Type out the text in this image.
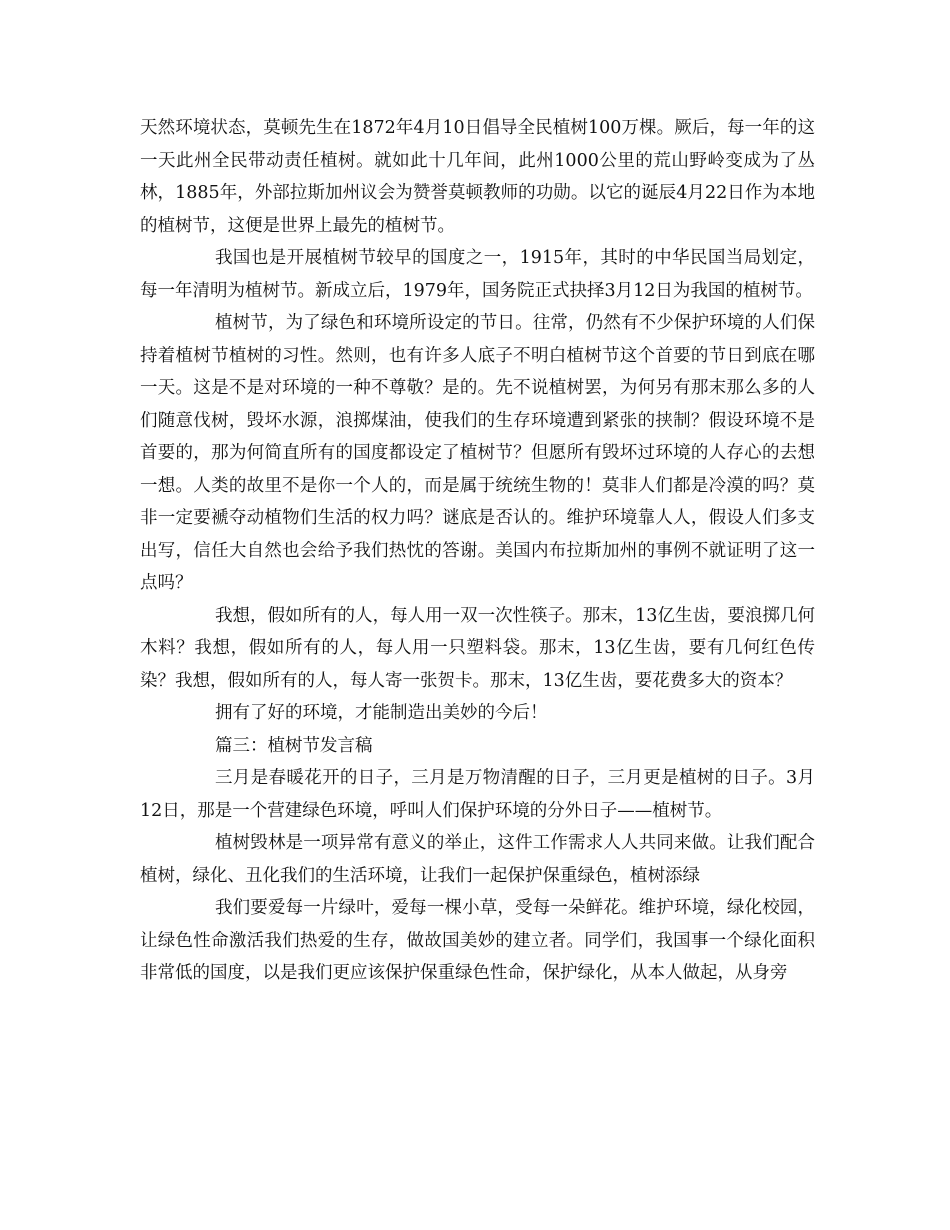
天然环境状态，莫顿先生在1872年4月10日倡导全民植树100万棵。厥后，每一年的这一天此州全民带动责任植树。就如此十几年间，此州1000公里的荒山野岭变成为了丛林，1885年，外部拉斯加州议会为赞誉莫顿教师的功勋。以它的诞辰4月22日作为本地的植树节，这便是世界上最先的植树节。

我国也是开展植树节较早的国度之一，1915年，其时的中华民国当局划定，每一年清明为植树节。新成立后，1979年，国务院正式抉择3月12日为我国的植树节。

植树节，为了绿色和环境所设定的节日。往常，仍然有不少保护环境的人们保持着植树节植树的习性。然则，也有许多人底子不明白植树节这个首要的节日到底在哪一天。这是不是对环境的一种不尊敬？是的。先不说植树罢，为何另有那末那么多的人们随意伐树，毁坏水源，浪掷煤油，使我们的生存环境遭到紧张的挟制？假设环境不是首要的，那为何简直所有的国度都设定了植树节？但愿所有毁坏过环境的人存心的去想一想。人类的故里不是你一个人的，而是属于统统生物的！莫非人们都是冷漠的吗？莫非一定要褫夺动植物们生活的权力吗？谜底是否认的。维护环境靠人人，假设人们多支出写，信任大自然也会给予我们热忱的答谢。美国内布拉斯加州的事例不就证明了这一点吗？

我想，假如所有的人，每人用一双一次性筷子。那末，13亿生齿，要浪掷几何木料？我想，假如所有的人，每人用一只塑料袋。那末，13亿生齿，要有几何红色传染？我想，假如所有的人，每人寄一张贺卡。那末，13亿生齿，要花费多大的资本？

拥有了好的环境，才能制造出美妙的今后！

篇三：植树节发言稿

三月是春暖花开的日子，三月是万物清醒的日子，三月更是植树的日子。3月12日，那是一个营建绿色环境，呼叫人们保护环境的分外日子——植树节。

植树毁林是一项异常有意义的举止，这件工作需求人人共同来做。让我们配合植树，绿化、丑化我们的生活环境，让我们一起保护保重绿色，植树添绿

我们要爱每一片绿叶，爱每一棵小草，受每一朵鲜花。维护环境，绿化校园，让绿色性命激活我们热爱的生存，做故国美妙的建立者。同学们，我国事一个绿化面积非常低的国度，以是我们更应该保护保重绿色性命，保护绿化，从本人做起，从身旁
